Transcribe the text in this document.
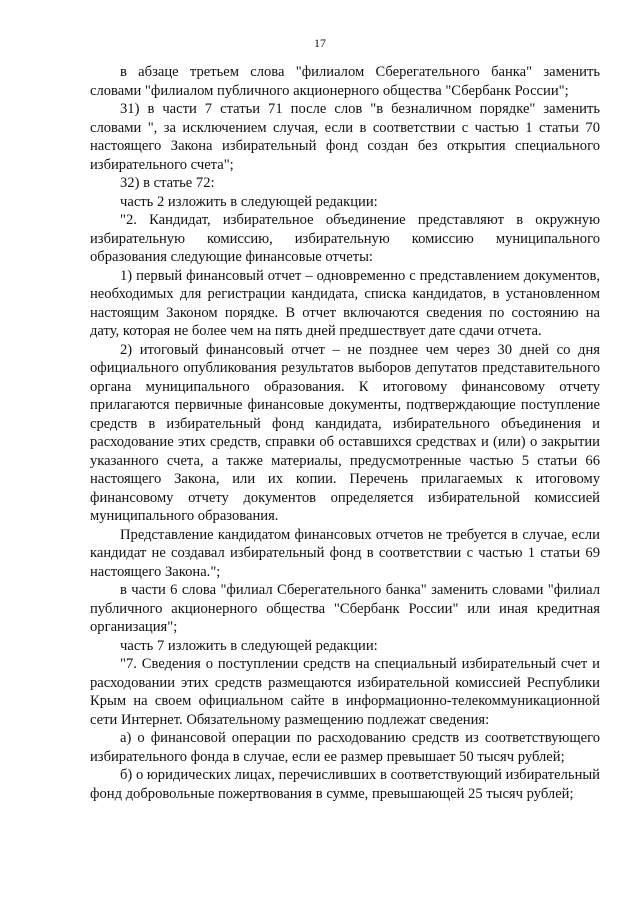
17

в абзаце третьем слова "филиалом Сберегательного банка" заменить словами "филиалом публичного акционерного общества "Сбербанк России";

31) в части 7 статьи 71 после слов "в безналичном порядке" заменить словами ", за исключением случая, если в соответствии с частью 1 статьи 70 настоящего Закона избирательный фонд создан без открытия специального избирательного счета";

32) в статье 72:

часть 2 изложить в следующей редакции:

"2. Кандидат, избирательное объединение представляют в окружную избирательную комиссию, избирательную комиссию муниципального образования следующие финансовые отчеты:

1) первый финансовый отчет – одновременно с представлением документов, необходимых для регистрации кандидата, списка кандидатов, в установленном настоящим Законом порядке. В отчет включаются сведения по состоянию на дату, которая не более чем на пять дней предшествует дате сдачи отчета.

2) итоговый финансовый отчет – не позднее чем через 30 дней со дня официального опубликования результатов выборов депутатов представительного органа муниципального образования. К итоговому финансовому отчету прилагаются первичные финансовые документы, подтверждающие поступление средств в избирательный фонд кандидата, избирательного объединения и расходование этих средств, справки об оставшихся средствах и (или) о закрытии указанного счета, а также материалы, предусмотренные частью 5 статьи 66 настоящего Закона, или их копии. Перечень прилагаемых к итоговому финансовому отчету документов определяется избирательной комиссией муниципального образования.

Представление кандидатом финансовых отчетов не требуется в случае, если кандидат не создавал избирательный фонд в соответствии с частью 1 статьи 69 настоящего Закона.";

в части 6 слова "филиал Сберегательного банка" заменить словами "филиал публичного акционерного общества "Сбербанк России" или иная кредитная организация";

часть 7 изложить в следующей редакции:

"7. Сведения о поступлении средств на специальный избирательный счет и расходовании этих средств размещаются избирательной комиссией Республики Крым на своем официальном сайте в информационно-телекоммуникационной сети Интернет. Обязательному размещению подлежат сведения:

а) о финансовой операции по расходованию средств из соответствующего избирательного фонда в случае, если ее размер превышает 50 тысяч рублей;

б) о юридических лицах, перечисливших в соответствующий избирательный фонд добровольные пожертвования в сумме, превышающей 25 тысяч рублей;
